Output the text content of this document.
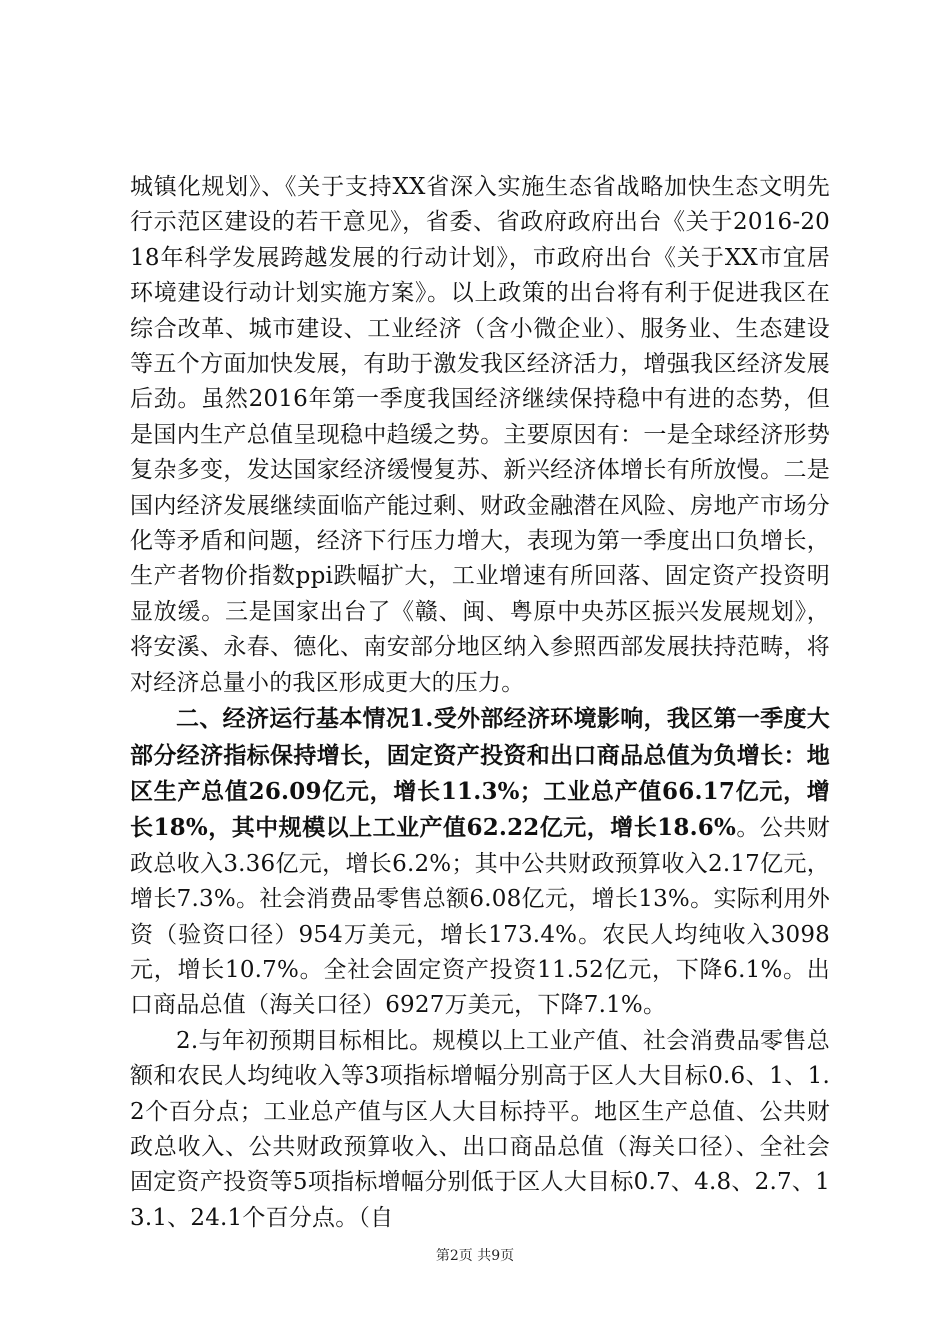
城镇化规划》、《关于支持XX省深入实施生态省战略加快生态文明先行示范区建设的若干意见》，省委、省政府政府出台《关于2016-2018年科学发展跨越发展的行动计划》，市政府出台《关于XX市宜居环境建设行动计划实施方案》。以上政策的出台将有利于促进我区在综合改革、城市建设、工业经济（含小微企业）、服务业、生态建设等五个方面加快发展，有助于激发我区经济活力，增强我区经济发展后劲。虽然2016年第一季度我国经济继续保持稳中有进的态势，但是国内生产总值呈现稳中趋缓之势。主要原因有：一是全球经济形势复杂多变，发达国家经济缓慢复苏、新兴经济体增长有所放慢。二是国内经济发展继续面临产能过剩、财政金融潜在风险、房地产市场分化等矛盾和问题，经济下行压力增大，表现为第一季度出口负增长，生产者物价指数ppi跌幅扩大，工业增速有所回落、固定资产投资明显放缓。三是国家出台了《赣、闽、粤原中央苏区振兴发展规划》，将安溪、永春、德化、南安部分地区纳入参照西部发展扶持范畴，将对经济总量小的我区形成更大的压力。

二、经济运行基本情况1.受外部经济环境影响，我区第一季度大部分经济指标保持增长，固定资产投资和出口商品总值为负增长：地区生产总值26.09亿元，增长11.3%；工业总产值66.17亿元，增长18%，其中规模以上工业产值62.22亿元，增长18.6%。公共财政总收入3.36亿元，增长6.2%；其中公共财政预算收入2.17亿元，增长7.3%。社会消费品零售总额6.08亿元，增长13%。实际利用外资（验资口径）954万美元，增长173.4%。农民人均纯收入3098元，增长10.7%。全社会固定资产投资11.52亿元，下降6.1%。出口商品总值（海关口径）6927万美元，下降7.1%。

2.与年初预期目标相比。规模以上工业产值、社会消费品零售总额和农民人均纯收入等3项指标增幅分别高于区人大目标0.6、1、1.2个百分点；工业总产值与区人大目标持平。地区生产总值、公共财政总收入、公共财政预算收入、出口商品总值（海关口径）、全社会固定资产投资等5项指标增幅分别低于区人大目标0.7、4.8、2.7、13.1、24.1个百分点。（自

第2页 共9页
